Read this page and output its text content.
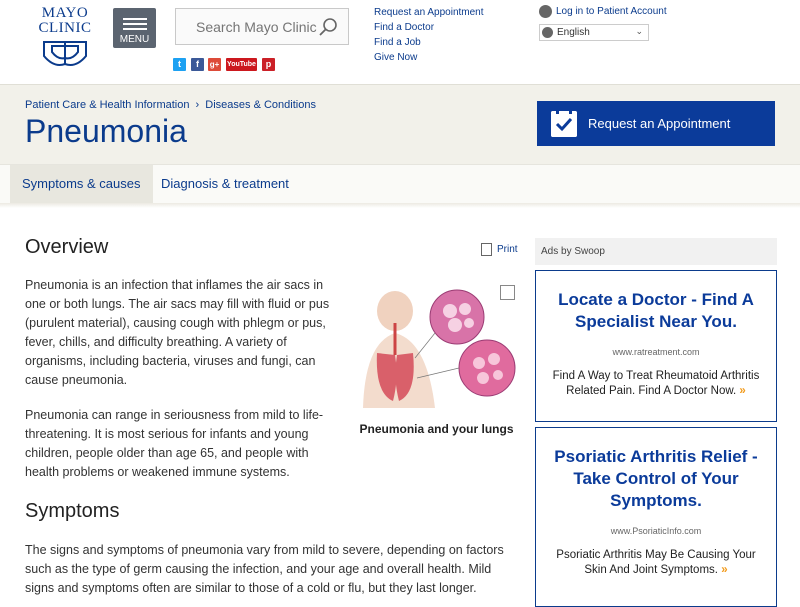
MAYO
CLINIC
MENU
Search Mayo Clinic
t	f	g+ YouTube	p
Request an Appointment
Find a Doctor
Find a Job
Give Now
Log in to Patient Account
English	⌄
Patient Care & Health Information › Diseases & Conditions
Pneumonia	Request an Appointment
Symptoms & causes	Diagnosis & treatment
Overview	Print
Pneumonia is an infection that inflames the air sacs in one or both lungs. The air sacs may fill with fluid or pus (purulent material), causing cough with phlegm or pus, fever, chills, and difficulty breathing. A variety of organisms, including bacteria, viruses and fungi, can cause pneumonia.
Pneumonia can range in seriousness from mild to life-threatening. It is most serious for infants and young children, people older than age 65, and people with health problems or weakened immune systems.
Pneumonia and your lungs
Symptoms
The signs and symptoms of pneumonia vary from mild to severe, depending on factors such as the type of germ causing the infection, and your age and overall health. Mild signs and symptoms often are similar to those of a cold or flu, but they last longer.
Ads by Swoop
Locate a Doctor - Find A Specialist Near You.
www.ratreatment.com
Find A Way to Treat Rheumatoid Arthritis Related Pain. Find A Doctor Now. »
Psoriatic Arthritis Relief - Take Control of Your Symptoms.
www.PsoriaticInfo.com
Psoriatic Arthritis May Be Causing Your Skin And Joint Symptoms. »
